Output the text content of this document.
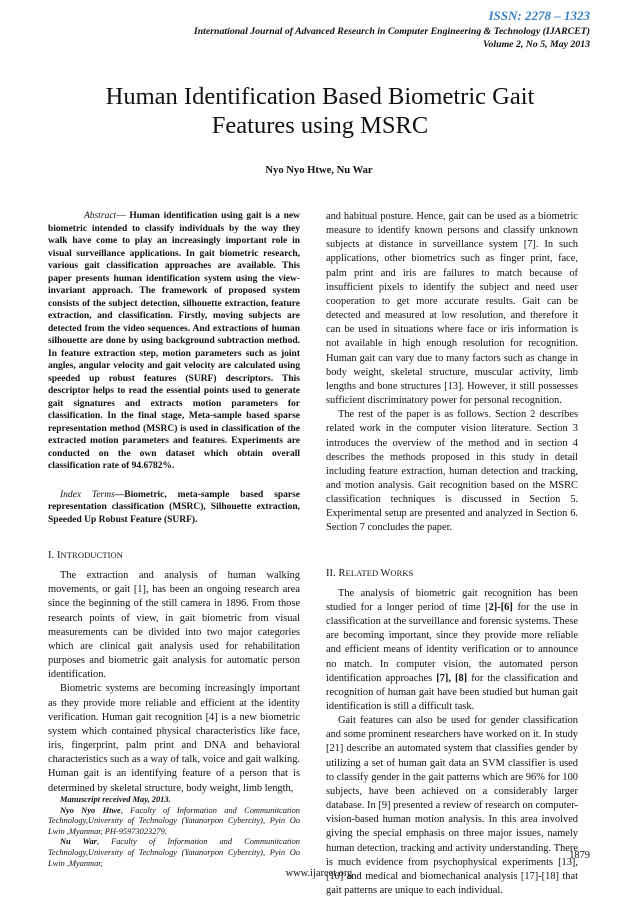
ISSN: 2278 – 1323
International Journal of Advanced Research in Computer Engineering & Technology (IJARCET)
Volume 2, No 5, May 2013
Human Identification Based Biometric Gait
Features using MSRC
Nyo Nyo Htwe, Nu War

Abstract— Human identification using gait is a new biometric intended to classify individuals by the way they walk have come to play an increasingly important role in visual surveillance applications. In gait biometric research, various gait classification approaches are available. This paper presents human identification system using the view-invariant approach. The framework of proposed system consists of the subject detection, silhouette extraction, feature extraction, and classification. Firstly, moving subjects are detected from the video sequences. And extractions of human silhouette are done by using background subtraction method. In feature extraction step, motion parameters such as joint angles, angular velocity and gait velocity are calculated using speeded up robust features (SURF) descriptors. This descriptor helps to read the essential points used to generate gait signatures and extracts motion parameters for classification. In the final stage, Meta-sample based sparse representation method (MSRC) is used in classification of the extracted motion parameters and features. Experiments are conducted on the own dataset which obtain overall classification rate of 94.6782%.

Index Terms—Biometric, meta-sample based sparse representation classification (MSRC), Silhouette extraction, Speeded Up Robust Feature (SURF).

I. INTRODUCTION

The extraction and analysis of human walking movements, or gait [1], has been an ongoing research area since the beginning of the still camera in 1896. From those research points of view, in gait biometric from visual measurements can be divided into two major categories which are clinical gait analysis used for rehabilitation purposes and biometric gait analysis for automatic person identification.

Biometric systems are becoming increasingly important as they provide more reliable and efficient at the identity verification. Human gait recognition [4] is a new biometric system which contained physical characteristics like face, iris, fingerprint, palm print and DNA and behavioral characteristics such as a way of talk, voice and gait walking. Human gait is an identifying feature of a person that is determined by skeletal structure, body weight, limb length,

Manuscript received May, 2013.

Nyo Nyo Htwe, Faculty of Information and Communitcation Technology,University of Technology (Yatanorpon Cybercity), Pyin Oo Lwin ,Myanmar, PH-95973023279.

Nu War, Faculty of Information and Communitcation Technology,University of Technology (Yatanorpon Cybercity), Pyin Oo Lwin ,Myanmar,

and habitual posture. Hence, gait can be used as a biometric measure to identify known persons and classify unknown subjects at distance in surveillance system [7]. In such applications, other biometrics such as finger print, face, palm print and iris are failures to match because of insufficient pixels to identify the subject and need user cooperation to get more accurate results. Gait can be detected and measured at low resolution, and therefore it can be used in situations where face or iris information is not available in high enough resolution for recognition. Human gait can vary due to many factors such as change in body weight, skeletal structure, muscular activity, limb lengths and bone structures [13]. However, it still possesses sufficient discriminatory power for personal recognition.

The rest of the paper is as follows. Section 2 describes related work in the computer vision literature. Section 3 introduces the overview of the method and in section 4 describes the methods proposed in this study in detail including feature extraction, human detection and tracking, and motion analysis. Gait recognition based on the MSRC classification techniques is discussed in Section 5. Experimental setup are presented and analyzed in Section 6. Section 7 concludes the paper.

II. RELATED WORKS

The analysis of biometric gait recognition has been studied for a longer period of time [2]-[6] for the use in classification at the surveillance and forensic systems. These are becoming important, since they provide more reliable and efficient means of identity verification or to announce no match. In computer vision, the automated person identification approaches [7], [8] for the classification and recognition of human gait have been studied but human gait identification is still a difficult task.

Gait features can also be used for gender classification and some prominent researchers have worked on it. In study [21] describe an automated system that classifies gender by utilizing a set of human gait data an SVM classifier is used to classify gender in the gait patterns which are 96% for 100 subjects, have been achieved on a considerably larger database. In [9] presented a review of research on computer-vision-based human motion analysis. In this area involved giving the special emphasis on three major issues, namely human detection, tracking and activity understanding. There is much evidence from psychophysical experiments [13], [10] and medical and biomechanical analysis [17]-[18] that gait patterns are unique to each individual.

1879
www.ijarcet.org
